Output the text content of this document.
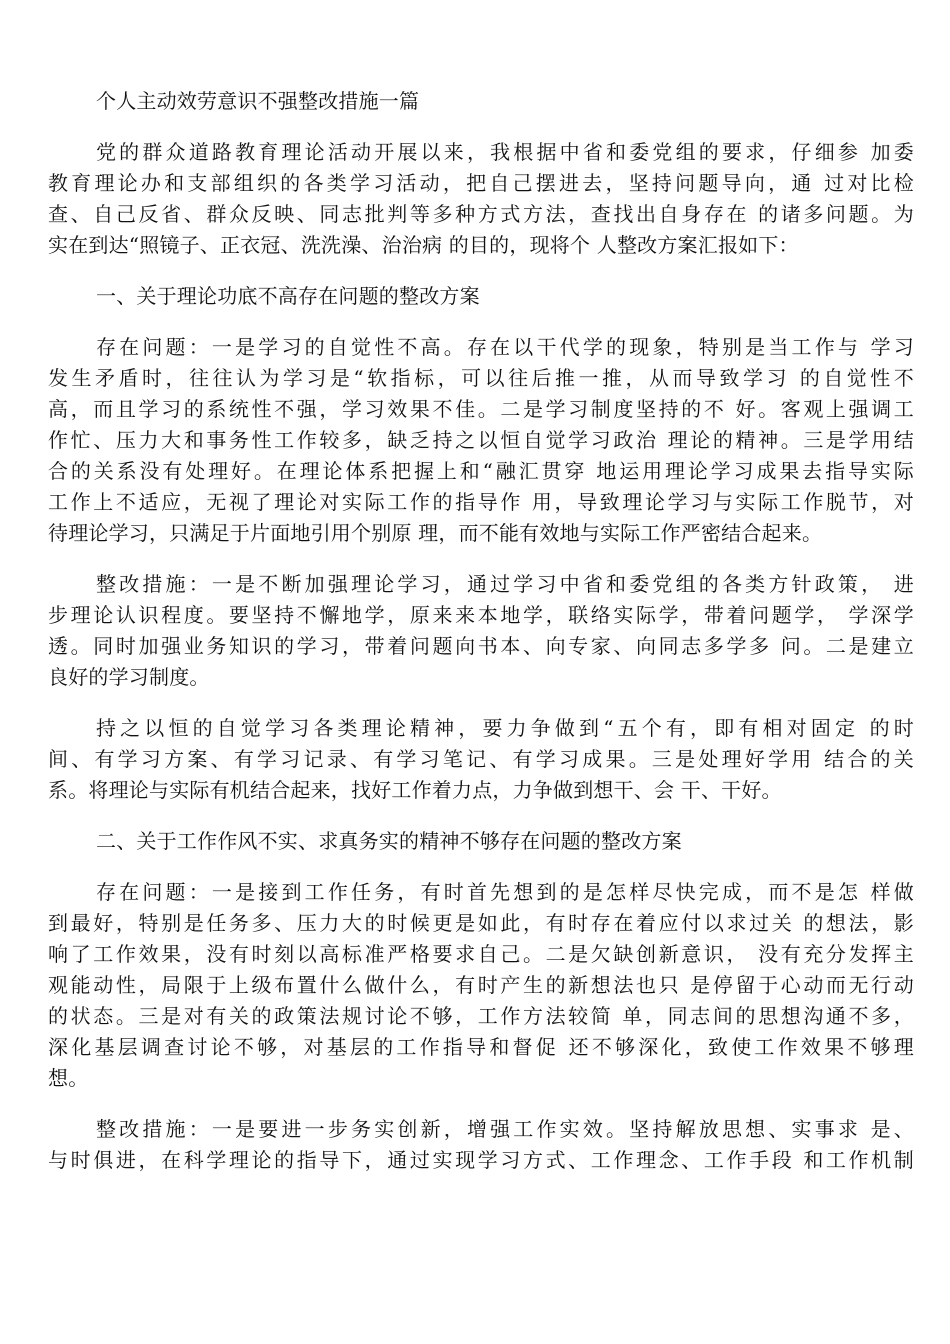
个人主动效劳意识不强整改措施一篇
党的群众道路教育理论活动开展以来，我根据中省和委党组的要求，仔细参 加委
教育理论办和支部组织的各类学习活动，把自己摆进去，坚持问题导向，通 过对比检
查、自己反省、群众反映、同志批判等多种方式方法，查找出自身存在 的诸多问题。为
实在到达“照镜子、正衣冠、洗洗澡、治治病 的目的，现将个 人整改方案汇报如下：
一、关于理论功底不高存在问题的整改方案
存在问题：一是学习的自觉性不高。存在以干代学的现象，特别是当工作与 学习
发生矛盾时，往往认为学习是“软指标，可以往后推一推，从而导致学习 的自觉性不
高，而且学习的系统性不强，学习效果不佳。二是学习制度坚持的不 好。客观上强调工
作忙、压力大和事务性工作较多，缺乏持之以恒自觉学习政治 理论的精神。三是学用结
合的关系没有处理好。在理论体系把握上和“融汇贯穿 地运用理论学习成果去指导实际
工作上不适应，无视了理论对实际工作的指导作 用，导致理论学习与实际工作脱节，对
待理论学习，只满足于片面地引用个别原 理，而不能有效地与实际工作严密结合起来。
整改措施：一是不断加强理论学习，通过学习中省和委党组的各类方针政策， 进
步理论认识程度。要坚持不懈地学，原来来本地学，联络实际学，带着问题学， 学深学
透。同时加强业务知识的学习，带着问题向书本、向专家、向同志多学多 问。二是建立
良好的学习制度。
持之以恒的自觉学习各类理论精神，要力争做到“五个有，即有相对固定 的时
间、有学习方案、有学习记录、有学习笔记、有学习成果。三是处理好学用 结合的关
系。将理论与实际有机结合起来，找好工作着力点，力争做到想干、会 干、干好。
二、关于工作作风不实、求真务实的精神不够存在问题的整改方案
存在问题：一是接到工作任务，有时首先想到的是怎样尽快完成，而不是怎 样做
到最好，特别是任务多、压力大的时候更是如此，有时存在着应付以求过关 的想法，影
响了工作效果，没有时刻以高标准严格要求自己。二是欠缺创新意识， 没有充分发挥主
观能动性，局限于上级布置什么做什么，有时产生的新想法也只 是停留于心动而无行动
的状态。三是对有关的政策法规讨论不够，工作方法较简 单，同志间的思想沟通不多，
深化基层调查讨论不够，对基层的工作指导和督促 还不够深化，致使工作效果不够理
想。
整改措施：一是要进一步务实创新，增强工作实效。坚持解放思想、实事求 是、
与时俱进，在科学理论的指导下，通过实现学习方式、工作理念、工作手段 和工作机制
